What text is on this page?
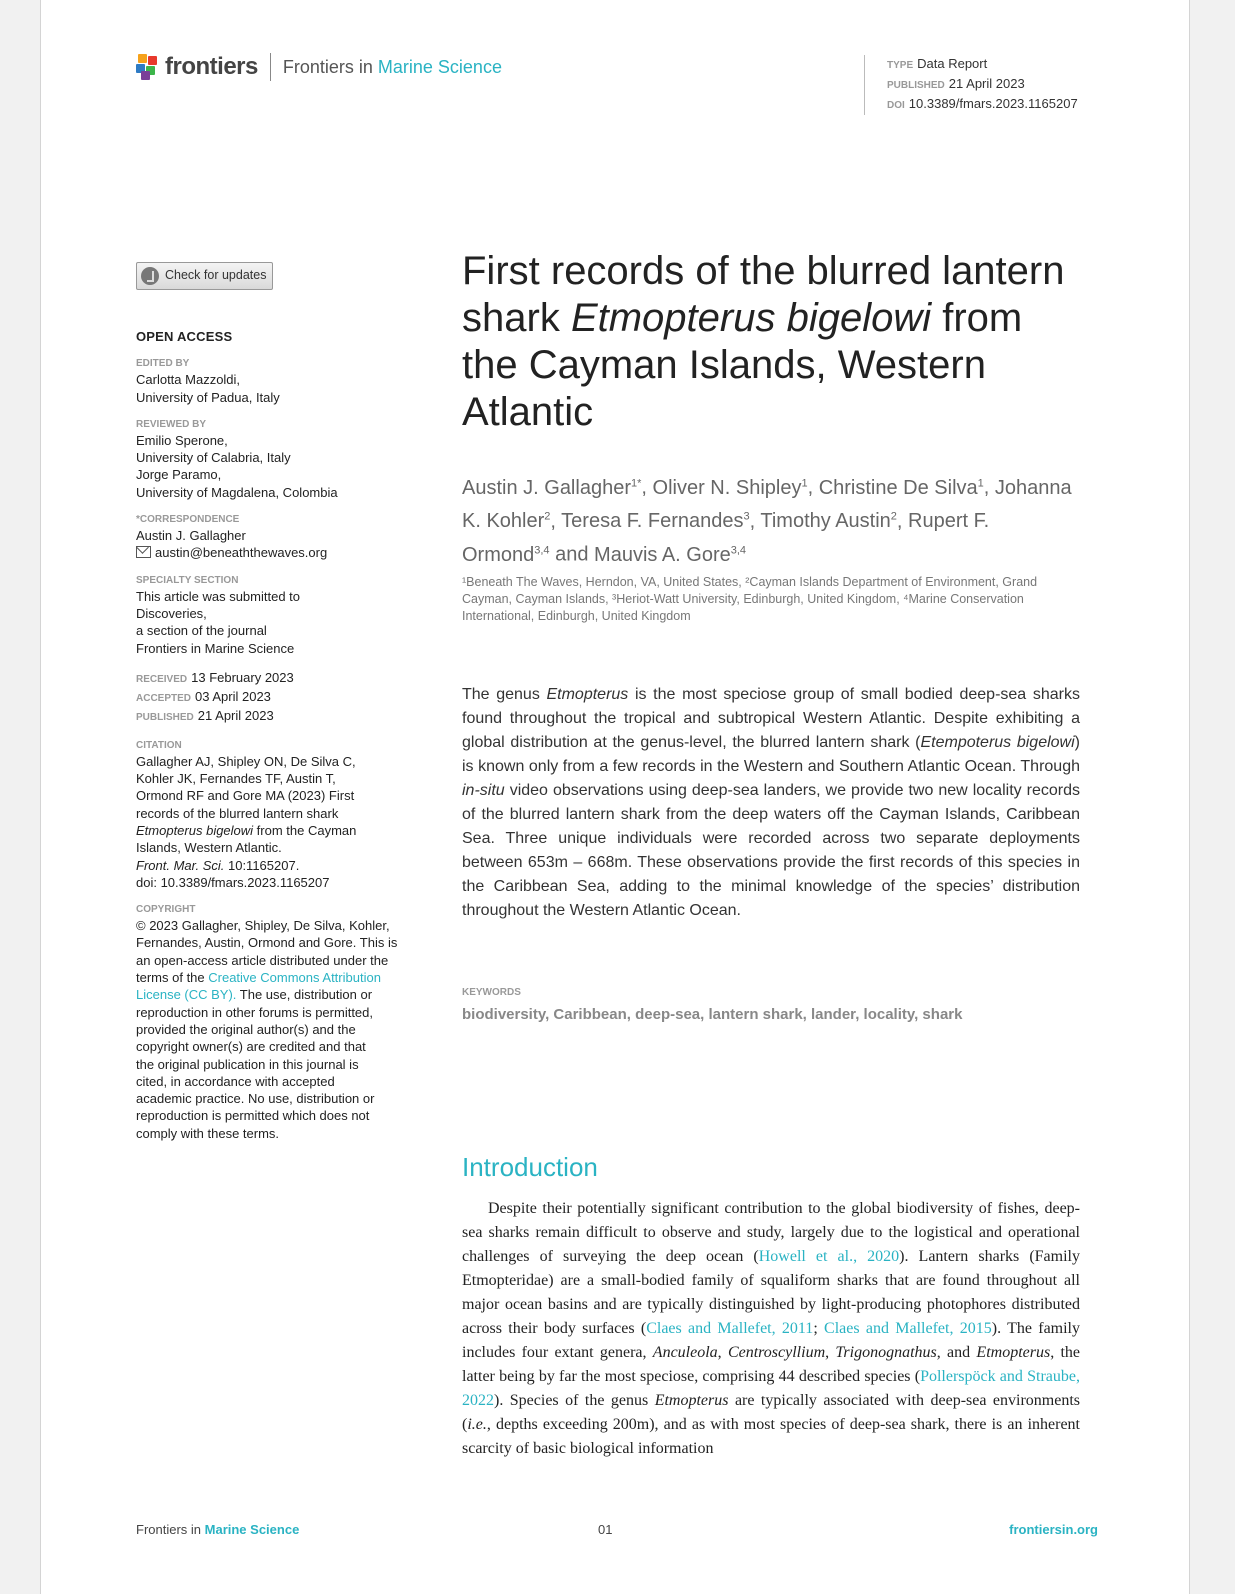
frontiers Frontiers in Marine Science	TYPE Data Report
PUBLISHED 21 April 2023
DOI 10.3389/fmars.2023.1165207
Check for updates
OPEN ACCESS
EDITED BY
Carlotta Mazzoldi,
University of Padua, Italy
REVIEWED BY
Emilio Sperone,
University of Calabria, Italy
Jorge Paramo,
University of Magdalena, Colombia
*CORRESPONDENCE
Austin J. Gallagher
austin@beneaththewaves.org
SPECIALTY SECTION
This article was submitted to
Discoveries,
a section of the journal
Frontiers in Marine Science
RECEIVED 13 February 2023
ACCEPTED 03 April 2023
PUBLISHED 21 April 2023
CITATION
Gallagher AJ, Shipley ON, De Silva C,
Kohler JK, Fernandes TF, Austin T,
Ormond RF and Gore MA (2023) First
records of the blurred lantern shark
Etmopterus bigelowi from the Cayman
Islands, Western Atlantic.
Front. Mar. Sci. 10:1165207.
doi: 10.3389/fmars.2023.1165207
COPYRIGHT
© 2023 Gallagher, Shipley, De Silva, Kohler,
Fernandes, Austin, Ormond and Gore. This is
an open-access article distributed under the
terms of the Creative Commons Attribution
License (CC BY). The use, distribution or
reproduction in other forums is permitted,
provided the original author(s) and the
copyright owner(s) are credited and that
the original publication in this journal is
cited, in accordance with accepted
academic practice. No use, distribution or
reproduction is permitted which does not
comply with these terms.
First records of the blurred lantern shark Etmopterus bigelowi from the Cayman Islands, Western Atlantic
Austin J. Gallagher$^{1*}$, Oliver N. Shipley$^1$, Christine De Silva$^1$, Johanna K. Kohler$^2$, Teresa F. Fernandes$^3$, Timothy Austin$^2$, Rupert F. Ormond$^{3,4}$ and Mauvis A. Gore$^{3,4}$
¹Beneath The Waves, Herndon, VA, United States, ²Cayman Islands Department of Environment, Grand Cayman, Cayman Islands, ³Heriot-Watt University, Edinburgh, United Kingdom, ⁴Marine Conservation International, Edinburgh, United Kingdom
The genus Etmopterus is the most speciose group of small bodied deep-sea sharks found throughout the tropical and subtropical Western Atlantic. Despite exhibiting a global distribution at the genus-level, the blurred lantern shark (Etempoterus bigelowi) is known only from a few records in the Western and Southern Atlantic Ocean. Through in-situ video observations using deep-sea landers, we provide two new locality records of the blurred lantern shark from the deep waters off the Cayman Islands, Caribbean Sea. Three unique individuals were recorded across two separate deployments between 653m – 668m. These observations provide the first records of this species in the Caribbean Sea, adding to the minimal knowledge of the species’ distribution throughout the Western Atlantic Ocean.
KEYWORDS
biodiversity, Caribbean, deep-sea, lantern shark, lander, locality, shark
Introduction
Despite their potentially significant contribution to the global biodiversity of fishes, deep-sea sharks remain difficult to observe and study, largely due to the logistical and operational challenges of surveying the deep ocean (Howell et al., 2020). Lantern sharks (Family Etmopteridae) are a small-bodied family of squaliform sharks that are found throughout all major ocean basins and are typically distinguished by light-producing photophores distributed across their body surfaces (Claes and Mallefet, 2011; Claes and Mallefet, 2015). The family includes four extant genera, Anculeola, Centroscyllium, Trigonognathus, and Etmopterus, the latter being by far the most speciose, comprising 44 described species (Pollerspöck and Straube, 2022). Species of the genus Etmopterus are typically associated with deep-sea environments (i.e., depths exceeding 200m), and as with most species of deep-sea shark, there is an inherent scarcity of basic biological information
Frontiers in Marine Science	01	frontiersin.org
